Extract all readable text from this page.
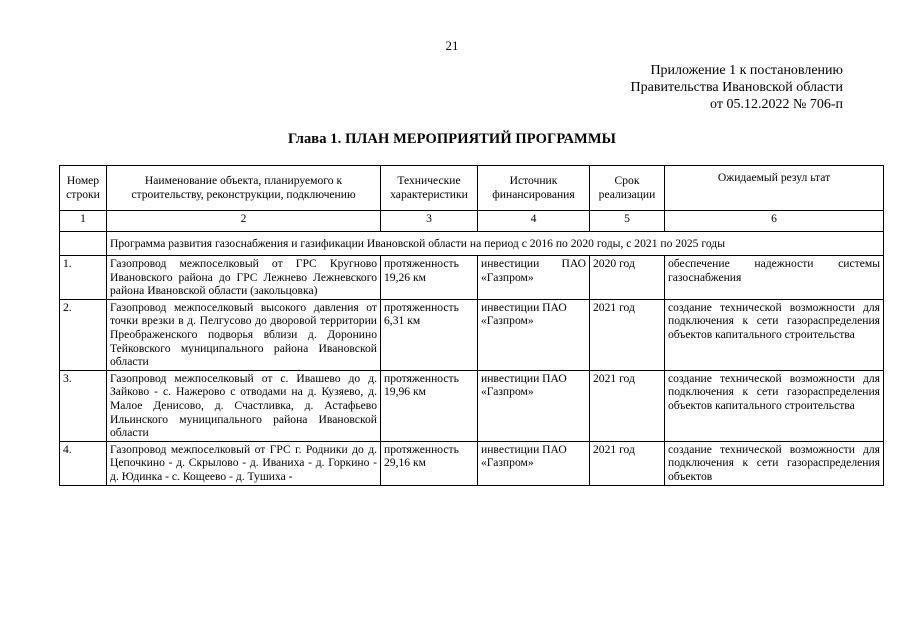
21
Приложение 1 к постановлению
Правительства Ивановской области
от 05.12.2022 № 706-п
Глава 1. ПЛАН МЕРОПРИЯТИЙ ПРОГРАММЫ
Номер строки	Наименование объекта, планируемого к строительству, реконструкции, подключению	Технические характеристики	Источник финансирования	Срок реализации	Ожидаемый резул ьтат
1	2	3	4	5	6
	Программа развития газоснабжения и газификации Ивановской области на период с 2016 по 2020 годы, с 2021 по 2025 годы				
1.	Газопровод межпоселковый от ГРС Кругново Ивановского района до ГРС Лежнево Лежневского района Ивановской области (закольцовка)	протяженность 19,26 км	инвестиции ПАО «Газпром»	2020 год	обеспечение надежности системы газоснабжения
2.	Газопровод межпоселковый высокого давления от точки врезки в д. Пелгусово до дворовой территории Преображенского подворья вблизи д. Доронино Тейковского муниципального района Ивановской области	протяженность 6,31 км	инвестиции ПАО «Газпром»	2021 год	создание технической возможности для подключения к сети газораспределения объектов капитального строительства
3.	Газопровод межпоселковый от с. Ивашево до д. Зайково - с. Нажерово с отводами на д. Кузяево, д. Малое Денисово, д. Счастливка, д. Астафьево Ильинского муниципального района Ивановской области	протяженность 19,96 км	инвестиции ПАО «Газпром»	2021 год	создание технической возможности для подключения к сети газораспределения объектов капитального строительства
4.	Газопровод межпоселковый от ГРС г. Родники до д. Цепочкино - д. Скрылово - д. Иваниха - д. Горкино - д. Юдинка - с. Кощеево - д. Тушиха -	протяженность 29,16 км	инвестиции ПАО «Газпром»	2021 год	создание технической возможности для подключения к сети газораспределения объектов
